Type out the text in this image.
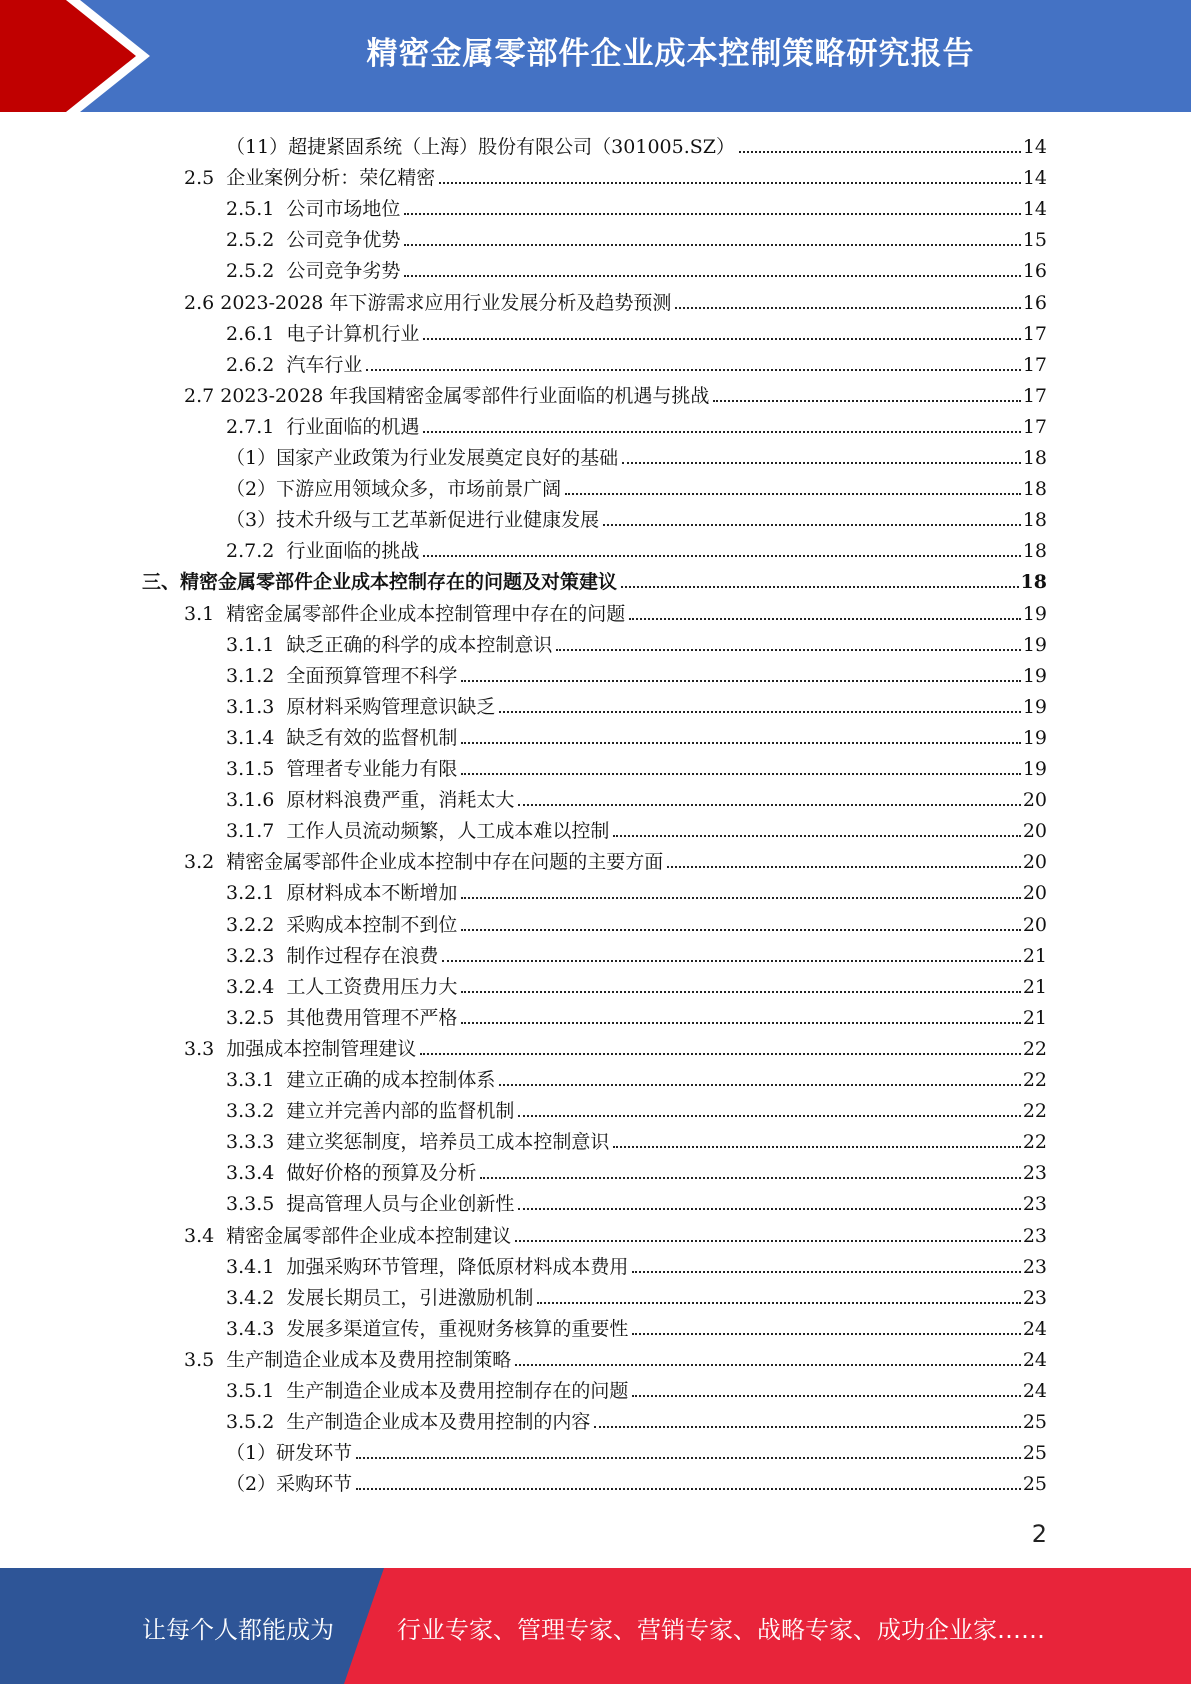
精密金属零部件企业成本控制策略研究报告
（11）超捷紧固系统（上海）股份有限公司（301005.SZ）	14
2.5  企业案例分析：荣亿精密	14
2.5.1  公司市场地位	14
2.5.2  公司竞争优势	15
2.5.2  公司竞争劣势	16
2.6 2023-2028 年下游需求应用行业发展分析及趋势预测	16
2.6.1  电子计算机行业	17
2.6.2  汽车行业	17
2.7 2023-2028 年我国精密金属零部件行业面临的机遇与挑战	17
2.7.1  行业面临的机遇	17
（1）国家产业政策为行业发展奠定良好的基础	18
（2）下游应用领域众多，市场前景广阔	18
（3）技术升级与工艺革新促进行业健康发展	18
2.7.2  行业面临的挑战	18
三、精密金属零部件企业成本控制存在的问题及对策建议	18
3.1  精密金属零部件企业成本控制管理中存在的问题	19
3.1.1  缺乏正确的科学的成本控制意识	19
3.1.2  全面预算管理不科学	19
3.1.3  原材料采购管理意识缺乏	19
3.1.4  缺乏有效的监督机制	19
3.1.5  管理者专业能力有限	19
3.1.6  原材料浪费严重，消耗太大	20
3.1.7  工作人员流动频繁，人工成本难以控制	20
3.2  精密金属零部件企业成本控制中存在问题的主要方面	20
3.2.1  原材料成本不断增加	20
3.2.2  采购成本控制不到位	20
3.2.3  制作过程存在浪费	21
3.2.4  工人工资费用压力大	21
3.2.5  其他费用管理不严格	21
3.3  加强成本控制管理建议	22
3.3.1  建立正确的成本控制体系	22
3.3.2  建立并完善内部的监督机制	22
3.3.3  建立奖惩制度，培养员工成本控制意识	22
3.3.4  做好价格的预算及分析	23
3.3.5  提高管理人员与企业创新性	23
3.4  精密金属零部件企业成本控制建议	23
3.4.1  加强采购环节管理，降低原材料成本费用	23
3.4.2  发展长期员工，引进激励机制	23
3.4.3  发展多渠道宣传，重视财务核算的重要性	24
3.5  生产制造企业成本及费用控制策略	24
3.5.1  生产制造企业成本及费用控制存在的问题	24
3.5.2  生产制造企业成本及费用控制的内容	25
（1）研发环节	25
（2）采购环节	25
2
让每个人都能成为	行业专家、管理专家、营销专家、战略专家、成功企业家……
